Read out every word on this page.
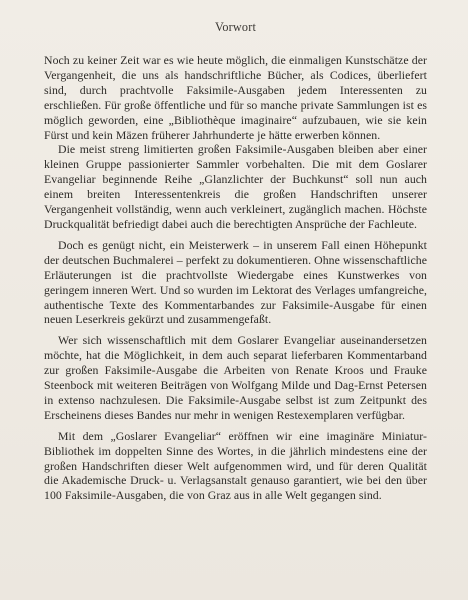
Vorwort

Noch zu keiner Zeit war es wie heute möglich, die einmaligen Kunstschätze der Vergangenheit, die uns als handschriftliche Bücher, als Codices, überliefert sind, durch prachtvolle Faksimile-Ausgaben jedem Interessenten zu erschließen. Für große öffentliche und für so manche private Sammlungen ist es möglich geworden, eine „Bibliothèque imaginaire“ aufzubauen, wie sie kein Fürst und kein Mäzen früherer Jahrhunderte je hätte erwerben können.

Die meist streng limitierten großen Faksimile-Ausgaben bleiben aber einer kleinen Gruppe passionierter Sammler vorbehalten. Die mit dem Goslarer Evangeliar beginnende Reihe „Glanzlichter der Buchkunst“ soll nun auch einem breiten Interessentenkreis die großen Handschriften unserer Vergangenheit vollständig, wenn auch verkleinert, zugänglich machen. Höchste Druckqualität befriedigt dabei auch die berechtigten Ansprüche der Fachleute.

Doch es genügt nicht, ein Meisterwerk – in unserem Fall einen Höhepunkt der deutschen Buchmalerei – perfekt zu dokumentieren. Ohne wissenschaftliche Erläuterungen ist die prachtvollste Wiedergabe eines Kunstwerkes von geringem inneren Wert. Und so wurden im Lektorat des Verlages umfangreiche, authentische Texte des Kommentarbandes zur Faksimile-Ausgabe für einen neuen Leserkreis gekürzt und zusammengefaßt.

Wer sich wissenschaftlich mit dem Goslarer Evangeliar auseinandersetzen möchte, hat die Möglichkeit, in dem auch separat lieferbaren Kommentarband zur großen Faksimile-Ausgabe die Arbeiten von Renate Kroos und Frauke Steenbock mit weiteren Beiträgen von Wolfgang Milde und Dag-Ernst Petersen in extenso nachzulesen. Die Faksimile-Ausgabe selbst ist zum Zeitpunkt des Erscheinens dieses Bandes nur mehr in wenigen Restexemplaren verfügbar.

Mit dem „Goslarer Evangeliar“ eröffnen wir eine imaginäre Miniatur-Bibliothek im doppelten Sinne des Wortes, in die jährlich mindestens eine der großen Handschriften dieser Welt aufgenommen wird, und für deren Qualität die Akademische Druck- u. Verlagsanstalt genauso garantiert, wie bei den über 100 Faksimile-Ausgaben, die von Graz aus in alle Welt gegangen sind.
